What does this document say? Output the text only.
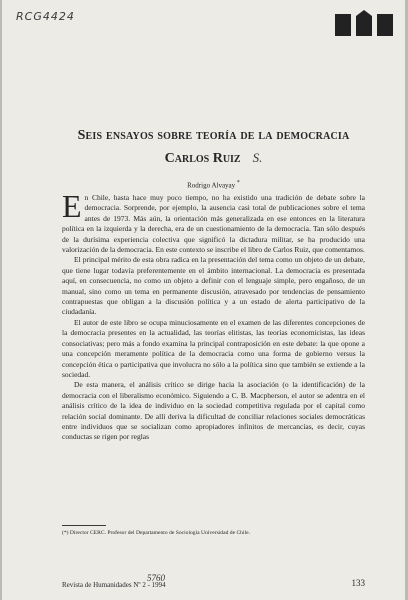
RCG4424
Seis ensayos sobre teoría de la democracia
Carlos Ruiz S.
Rodrigo Alvayay *

En Chile, hasta hace muy poco tiempo, no ha existido una tradición de debate sobre la democracia. Sorprende, por ejemplo, la ausencia casi total de publicaciones sobre el tema antes de 1973. Más aún, la orientación más generalizada en ese entonces en la literatura política en la izquierda y la derecha, era de un cuestionamiento de la democracia. Tan sólo después de la durísima experiencia colectiva que significó la dictadura militar, se ha producido una valorización de la democracia. En este contexto se inscribe el libro de Carlos Ruiz, que comentamos.

El principal mérito de esta obra radica en la presentación del tema como un objeto de un debate, que tiene lugar todavía preferentemente en el ámbito internacional. La democracia es presentada aquí, en consecuencia, no como un objeto a definir con el lenguaje simple, pero engañoso, de un manual, sino como un tema en permanente discusión, atravesado por tendencias de pensamiento contrapuestas que obligan a la discusión política y a un estado de alerta participativo de la ciudadanía.

El autor de este libro se ocupa minuciosamente en el examen de las diferentes concepciones de la democracia presentes en la actualidad, las teorías elitistas, las teorías economicistas, las ideas consociativas; pero más a fondo examina la principal contraposición en este debate: la que opone a una concepción meramente política de la democracia como una forma de gobierno versus la concepción ética o participativa que involucra no sólo a la política sino que también se extiende a la sociedad.

De esta manera, el análisis crítico se dirige hacia la asociación (o la identificación) de la democracia con el liberalismo económico. Siguiendo a C. B. Macpherson, el autor se adentra en el análisis crítico de la idea de individuo en la sociedad competitiva regulada por el capital como relación social dominante. De allí deriva la dificultad de conciliar relaciones sociales democráticas entre individuos que se socializan como apropiadores infinitos de mercancías, es decir, cuyas conductas se rigen por reglas

(*) Director CERC. Profesor del Departamento de Sociología Universidad de Chile.
5760
Revista de Humanidades Nº 2 - 1994	133
